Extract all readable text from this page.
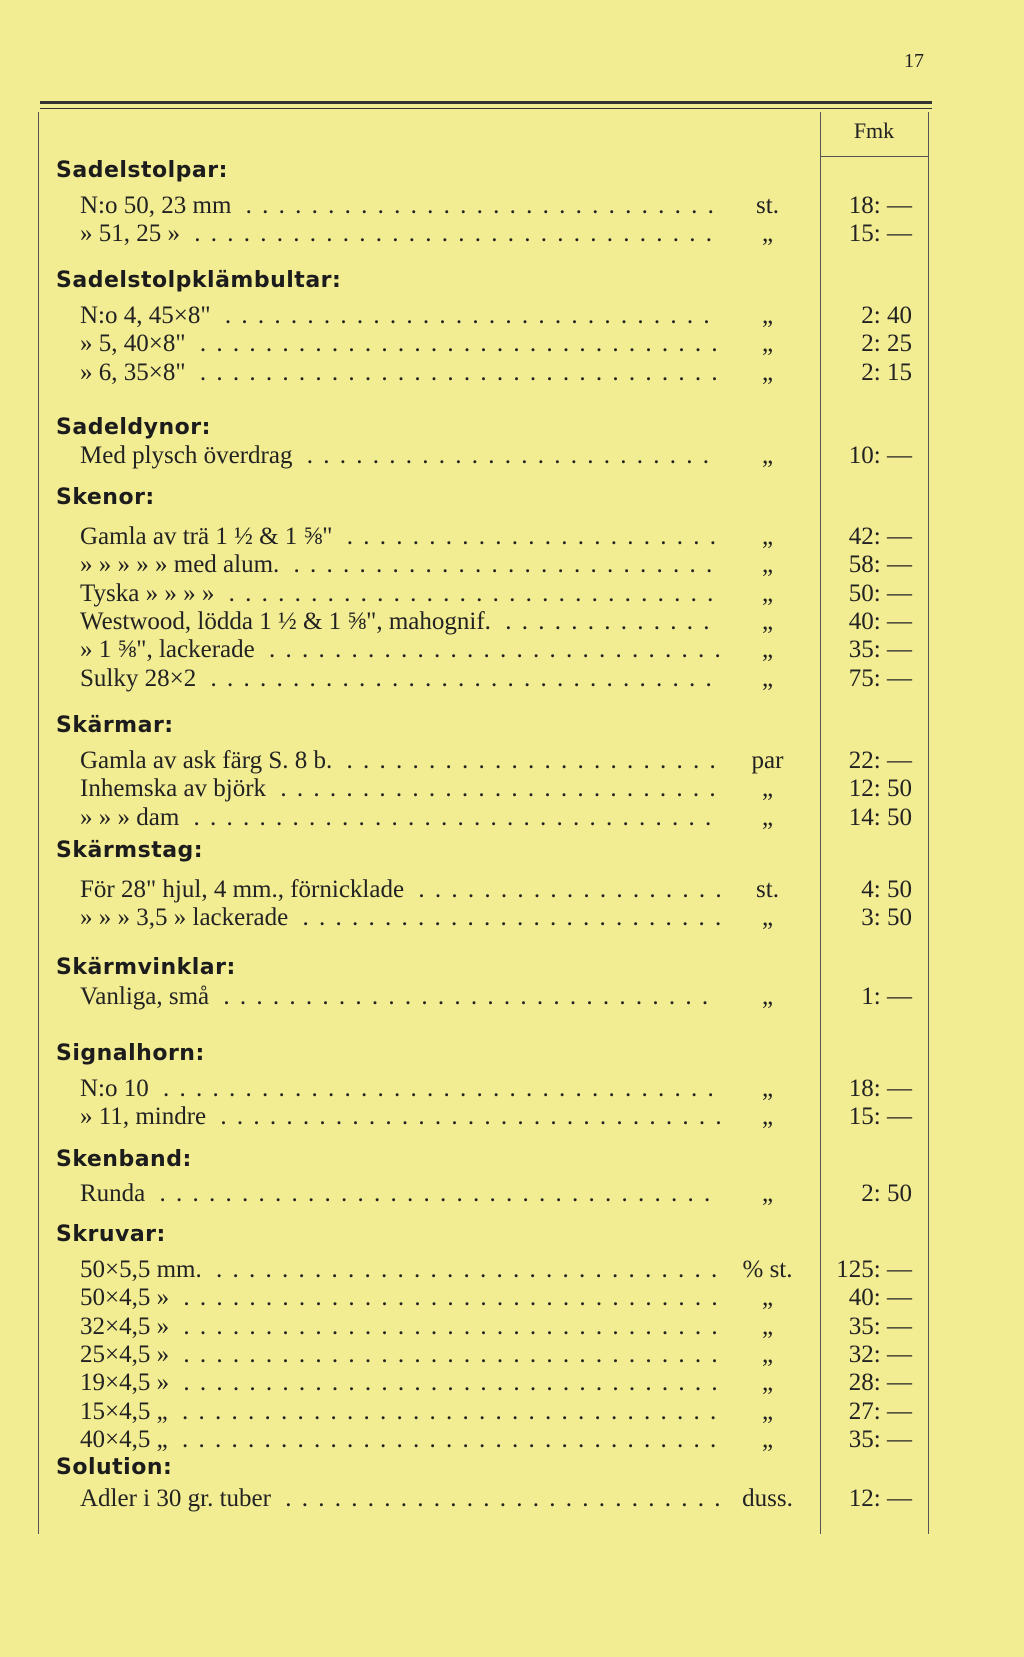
17
Fmk
Sadelstolpar:
N:o 50, 23 mm . . .	st.	18: —
» 51, 25 » . . .	„	15: —
Sadelstolpklämbultar:
N:o 4, 45×8" . . .	„	2: 40
» 5, 40×8" . . .	„	2: 25
» 6, 35×8" . . .	„	2: 15
Sadeldynor:
Med plysch överdrag . . .	„	10: —
Skenor:
Gamla av trä 1 ½ & 1 ⅝" . . .	„	42: —
» » » » » med alum. . . .	„	58: —
Tyska » » » » . . .	„	50: —
Westwood, lödda 1 ½ & 1 ⅝", mahognif. . . .	„	40: —
» 1 ⅝", lackerade . . .	„	35: —
Sulky 28×2 . . .	„	75: —
Skärmar:
Gamla av ask färg S. 8 b. . . .	par	22: —
Inhemska av björk . . .	„	12: 50
» » » dam . . .	„	14: 50
Skärmstag:
För 28" hjul, 4 mm., förnicklade . . .	st.	4: 50
» » » 3,5 » lackerade . . .	„	3: 50
Skärmvinklar:
Vanliga, små . . .	„	1: —
Signalhorn:
N:o 10 . . .	„	18: —
» 11, mindre . . .	„	15: —
Skenband:
Runda . . .	„	2: 50
Skruvar:
50×5,5 mm. . . .	% st.	125: —
50×4,5 » . . .	„	40: —
32×4,5 » . . .	„	35: —
25×4,5 » . . .	„	32: —
19×4,5 » . . .	„	28: —
15×4,5 „ . . .	„	27: —
40×4,5 „ . . .	„	35: —
Solution:
Adler i 30 gr. tuber . . .	duss.	12: —
